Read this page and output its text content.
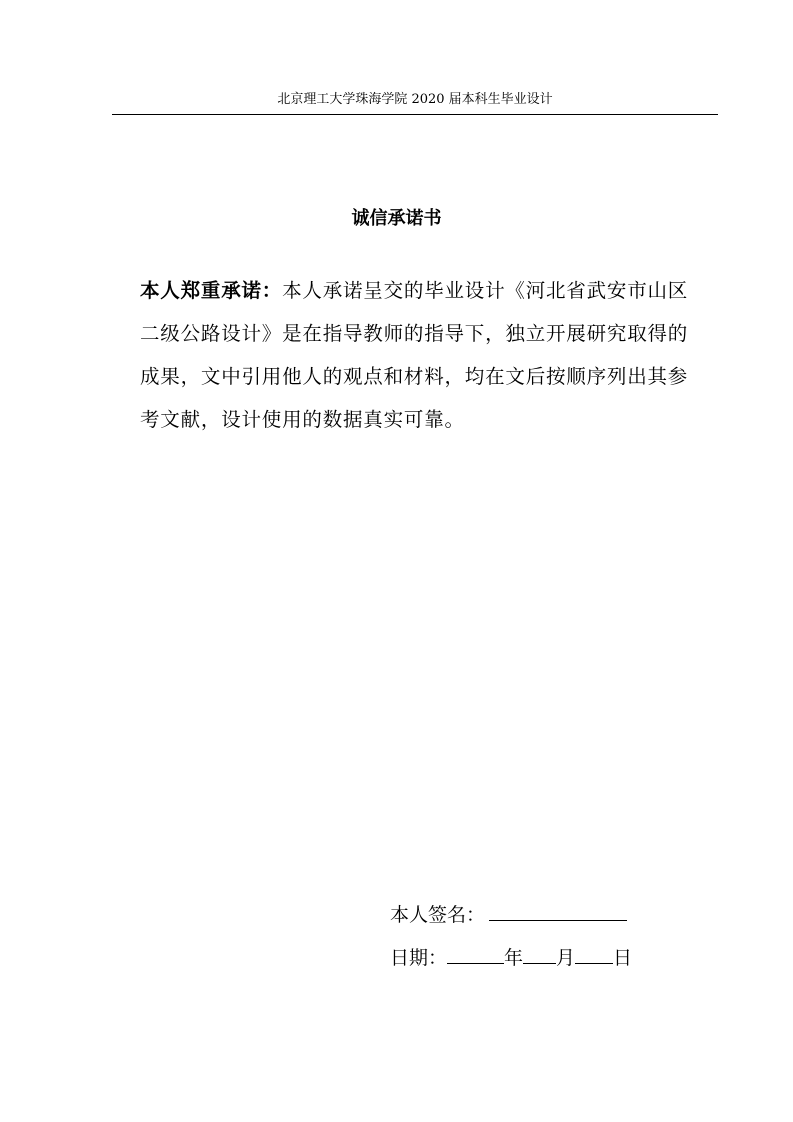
北京理工大学珠海学院 2020 届本科生毕业设计
诚信承诺书
本人郑重承诺：本人承诺呈交的毕业设计《河北省武安市山区二级公路设计》是在指导教师的指导下，独立开展研究取得的成果，文中引用他人的观点和材料，均在文后按顺序列出其参考文献，设计使用的数据真实可靠。
本人签名：
日期：	年 月 日
